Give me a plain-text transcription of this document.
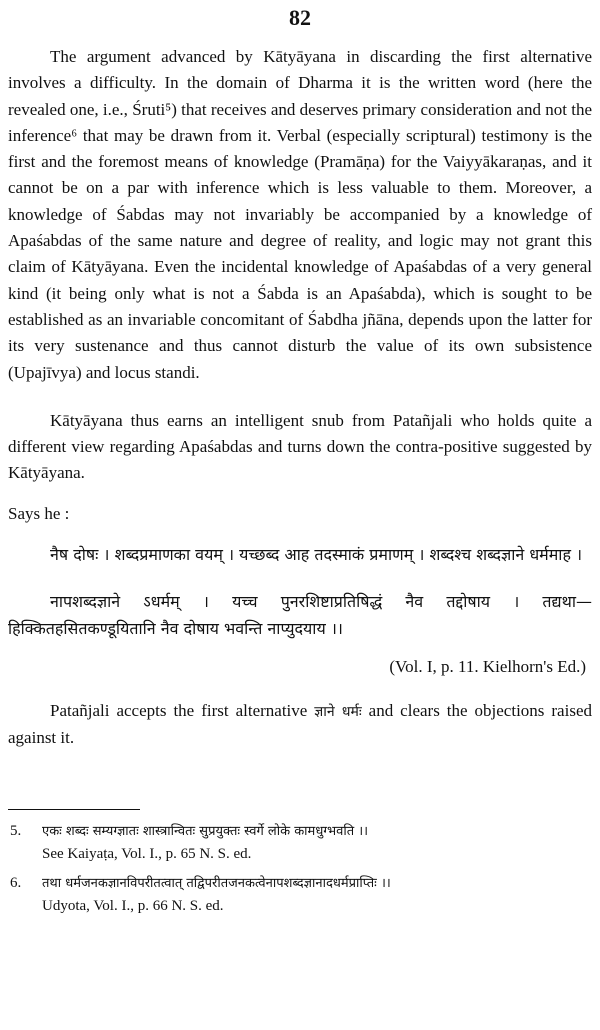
82

The argument advanced by Kātyāyana in discarding the first alternative involves a difficulty. In the domain of Dharma it is the written word (here the revealed one, i.e., Śruti⁵) that receives and deserves primary consideration and not the inference⁶ that may be drawn from it. Verbal (especially scriptural) testimony is the first and the foremost means of knowledge (Pramāṇa) for the Vaiyyākaraṇas, and it cannot be on a par with inference which is less valuable to them. Moreover, a knowledge of Śabdas may not invariably be accompanied by a knowledge of Apaśabdas of the same nature and degree of reality, and logic may not grant this claim of Kātyāyana. Even the incidental knowledge of Apaśabdas of a very general kind (it being only what is not a Śabda is an Apaśabda), which is sought to be established as an invariable concomitant of Śabdha jñāna, depends upon the latter for its very sustenance and thus cannot disturb the value of its own subsistence (Upajīvya) and locus standi.

Kātyāyana thus earns an intelligent snub from Patañjali who holds quite a different view regarding Apaśabdas and turns down the contra-positive suggested by Kātyāyana.

Says he :

नैष दोषः । शब्दप्रमाणका वयम् । यच्छब्द आह तदस्माकं प्रमाणम् । शब्दश्च शब्दज्ञाने धर्ममाह ।

नापशब्दज्ञाने ऽधर्मम् । यच्च पुनरशिष्टाप्रतिषिद्धं नैव तद्दोषाय । तद्यथा— हिक्कितहसितकण्डूयितानि नैव दोषाय भवन्ति नाप्युदयाय ।।

(Vol. I, p. 11. Kielhorn's Ed.)

Patañjali accepts the first alternative ज्ञाने धर्मः and clears the objections raised against it.

5. एकः शब्दः सम्यग्ज्ञातः शास्त्रान्वितः सुप्रयुक्तः स्वर्गे लोके कामधुग्भवति ।।
See Kaiyaṭa, Vol. I., p. 65 N. S. ed.
6. तथा धर्मजनकज्ञानविपरीतत्वात् तद्विपरीतजनकत्वेनापशब्दज्ञानादधर्मप्राप्तिः ।।
Udyota, Vol. I., p. 66 N. S. ed.
